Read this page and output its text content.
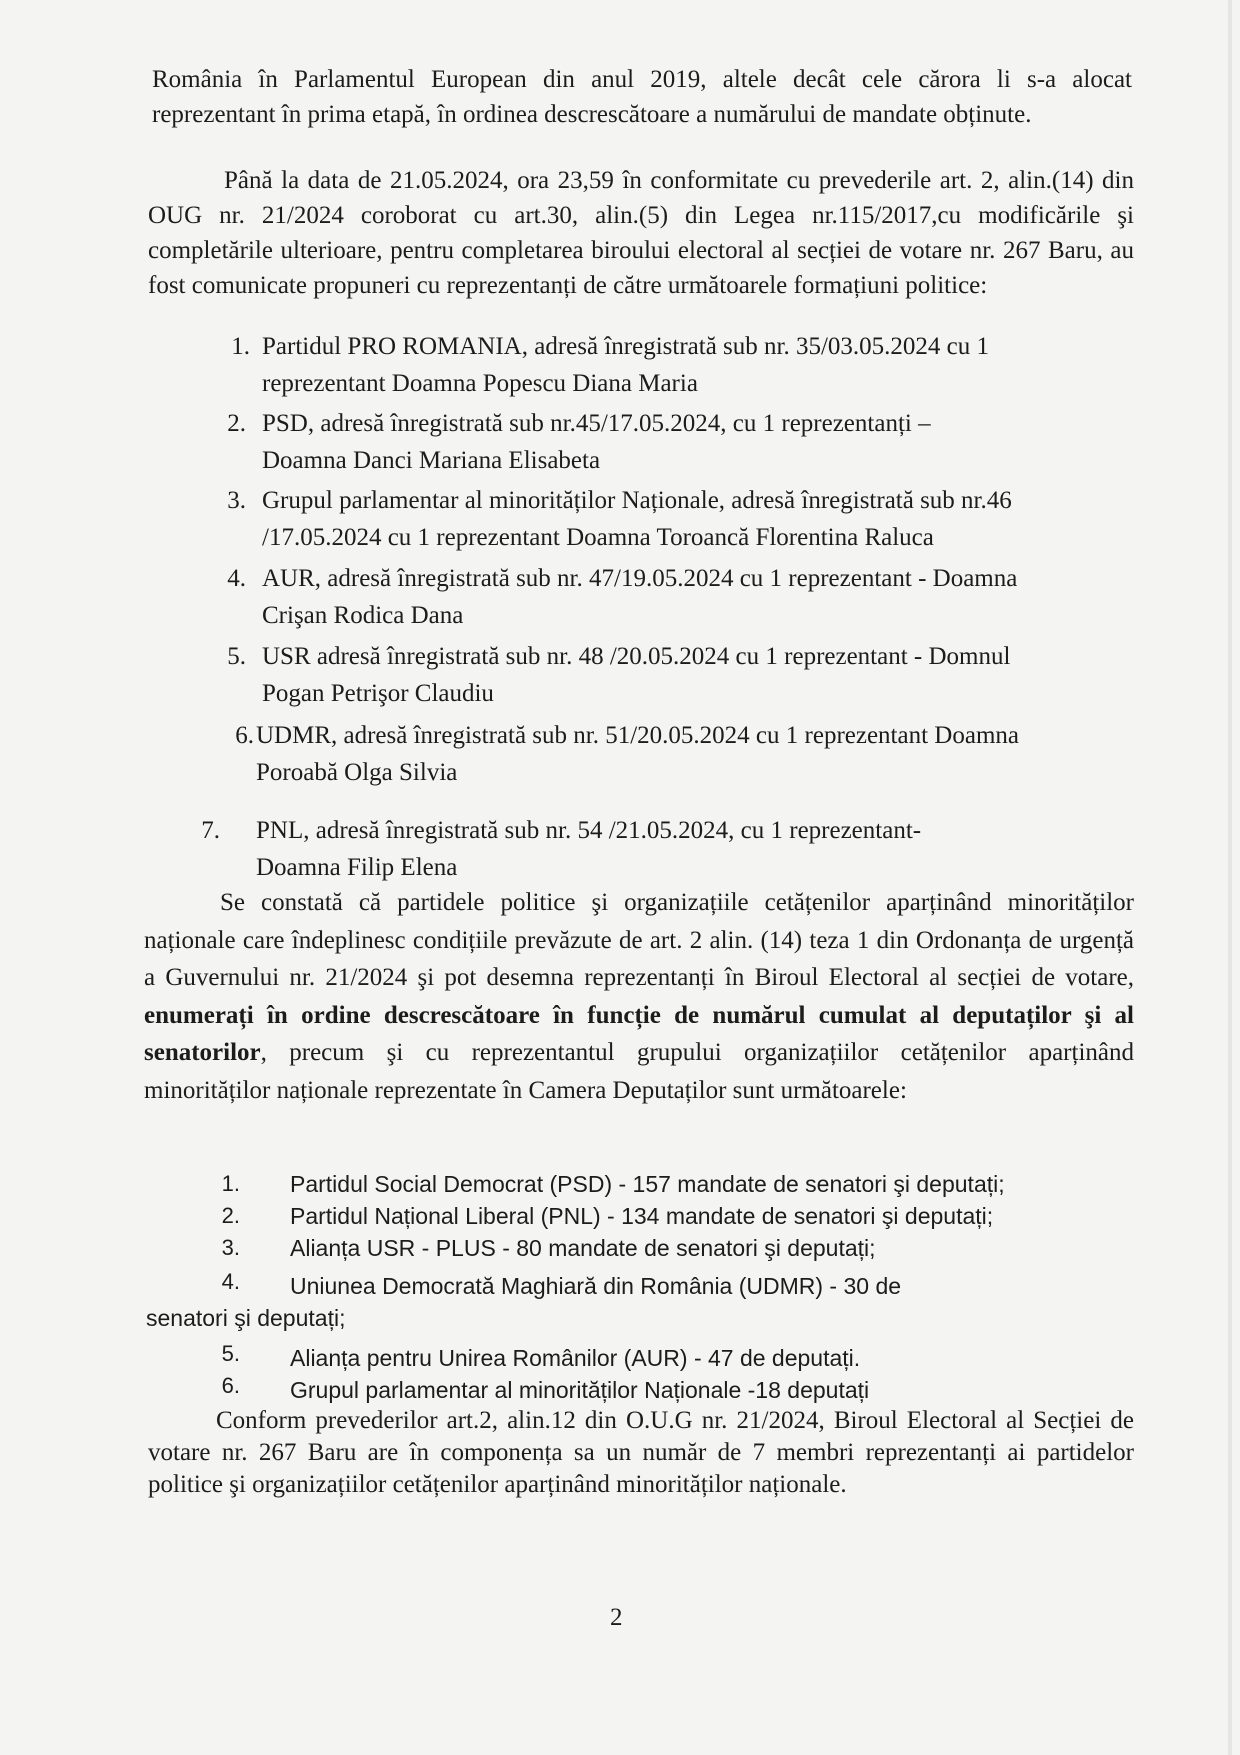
România în Parlamentul European din anul 2019, altele decât cele cărora li s-a alocat reprezentant în prima etapă, în ordinea descrescătoare a numărului de mandate obținute.

Până la data de 21.05.2024, ora 23,59 în conformitate cu prevederile art. 2, alin.(14) din OUG nr. 21/2024 coroborat cu art.30, alin.(5) din Legea nr.115/2017,cu modificările şi completările ulterioare, pentru completarea biroului electoral al secției de votare nr. 267 Baru, au fost comunicate propuneri cu reprezentanți de către următoarele formațiuni politice:

1. Partidul PRO ROMANIA, adresă înregistrată sub nr. 35/03.05.2024 cu 1
reprezentant Doamna Popescu Diana Maria
2. PSD, adresă înregistrată sub nr.45/17.05.2024, cu 1 reprezentanți –
Doamna Danci Mariana Elisabeta
3. Grupul parlamentar al minorităților Naționale, adresă înregistrată sub nr.46
/17.05.2024 cu 1 reprezentant Doamna Toroancă Florentina Raluca
4. AUR, adresă înregistrată sub nr. 47/19.05.2024 cu 1 reprezentant - Doamna
Crişan Rodica Dana
5. USR adresă înregistrată sub nr. 48 /20.05.2024 cu 1 reprezentant - Domnul
Pogan Petrişor Claudiu
6. UDMR, adresă înregistrată sub nr. 51/20.05.2024 cu 1 reprezentant Doamna
Poroabă Olga Silvia
7. PNL, adresă înregistrată sub nr. 54 /21.05.2024, cu 1 reprezentant-
Doamna Filip Elena

Se constată că partidele politice şi organizațiile cetățenilor aparținând minorităților naționale care îndeplinesc condițiile prevăzute de art. 2 alin. (14) teza 1 din Ordonanța de urgență a Guvernului nr. 21/2024 şi pot desemna reprezentanți în Biroul Electoral al secției de votare, enumerați în ordine descrescătoare în funcție de numărul cumulat al deputaților şi al senatorilor, precum şi cu reprezentantul grupului organizațiilor cetățenilor aparținând minorităților naționale reprezentate în Camera Deputaților sunt următoarele:

1. Partidul Social Democrat (PSD) - 157 mandate de senatori şi deputați;
2. Partidul Național Liberal (PNL) - 134 mandate de senatori şi deputați;
3. Alianța USR - PLUS - 80 mandate de senatori şi deputați;
4. Uniunea Democrată Maghiară din România (UDMR) - 30 de
senatori şi deputați;
5. Alianța pentru Unirea Românilor (AUR) - 47 de deputați.
6. Grupul parlamentar al minorităților Naționale -18 deputați

Conform prevederilor art.2, alin.12 din O.U.G nr. 21/2024, Biroul Electoral al Secției de votare nr. 267 Baru are în componența sa un număr de 7 membri reprezentanți ai partidelor politice şi organizațiilor cetățenilor aparținând minorităților naționale.

2
